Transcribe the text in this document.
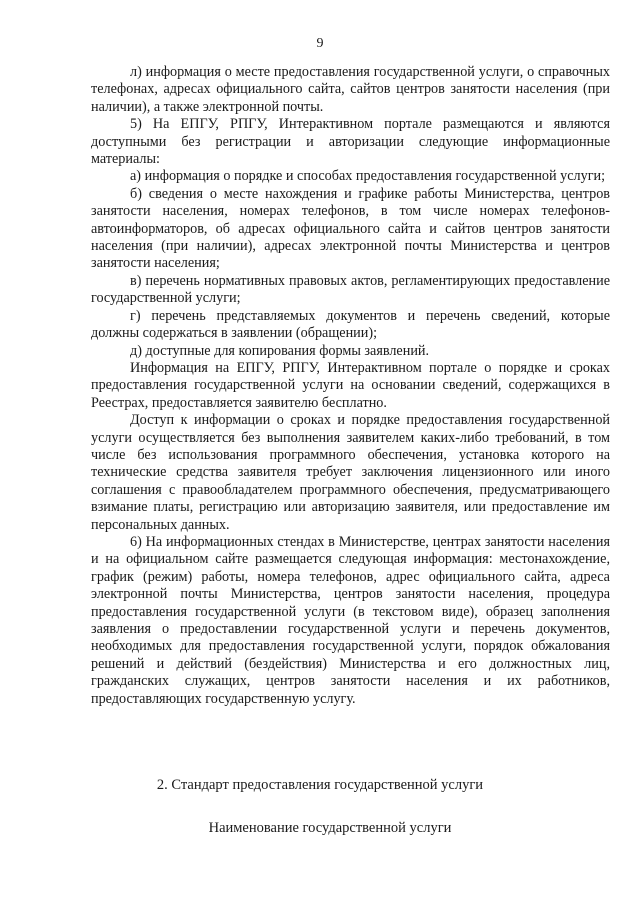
9

л) информация о месте предоставления государственной услуги, о справочных телефонах, адресах официального сайта, сайтов центров занятости населения (при наличии), а также электронной почты.

5) На ЕПГУ, РПГУ, Интерактивном портале размещаются и являются доступными без регистрации и авторизации следующие информационные материалы:

а) информация о порядке и способах предоставления государственной услуги;

б) сведения о месте нахождения и графике работы Министерства, центров занятости населения, номерах телефонов, в том числе номерах телефонов-автоинформаторов, об адресах официального сайта и сайтов центров занятости населения (при наличии), адресах электронной почты Министерства и центров занятости населения;

в) перечень нормативных правовых актов, регламентирующих предоставление государственной услуги;

г) перечень представляемых документов и перечень сведений, которые должны содержаться в заявлении (обращении);

д) доступные для копирования формы заявлений.

Информация на ЕПГУ, РПГУ, Интерактивном портале о порядке и сроках предоставления государственной услуги на основании сведений, содержащихся в Реестрах, предоставляется заявителю бесплатно.

Доступ к информации о сроках и порядке предоставления государственной услуги осуществляется без выполнения заявителем каких-либо требований, в том числе без использования программного обеспечения, установка которого на технические средства заявителя требует заключения лицензионного или иного соглашения с правообладателем программного обеспечения, предусматривающего взимание платы, регистрацию или авторизацию заявителя, или предоставление им персональных данных.

6) На информационных стендах в Министерстве, центрах занятости населения и на официальном сайте размещается следующая информация: местонахождение, график (режим) работы, номера телефонов, адрес официального сайта, адреса электронной почты Министерства, центров занятости населения, процедура предоставления государственной услуги (в текстовом виде), образец заполнения заявления о предоставлении государственной услуги и перечень документов, необходимых для предоставления государственной услуги, порядок обжалования решений и действий (бездействия) Министерства и его должностных лиц, гражданских служащих, центров занятости населения и их работников, предоставляющих государственную услугу.

2. Стандарт предоставления государственной услуги
Наименование государственной услуги
